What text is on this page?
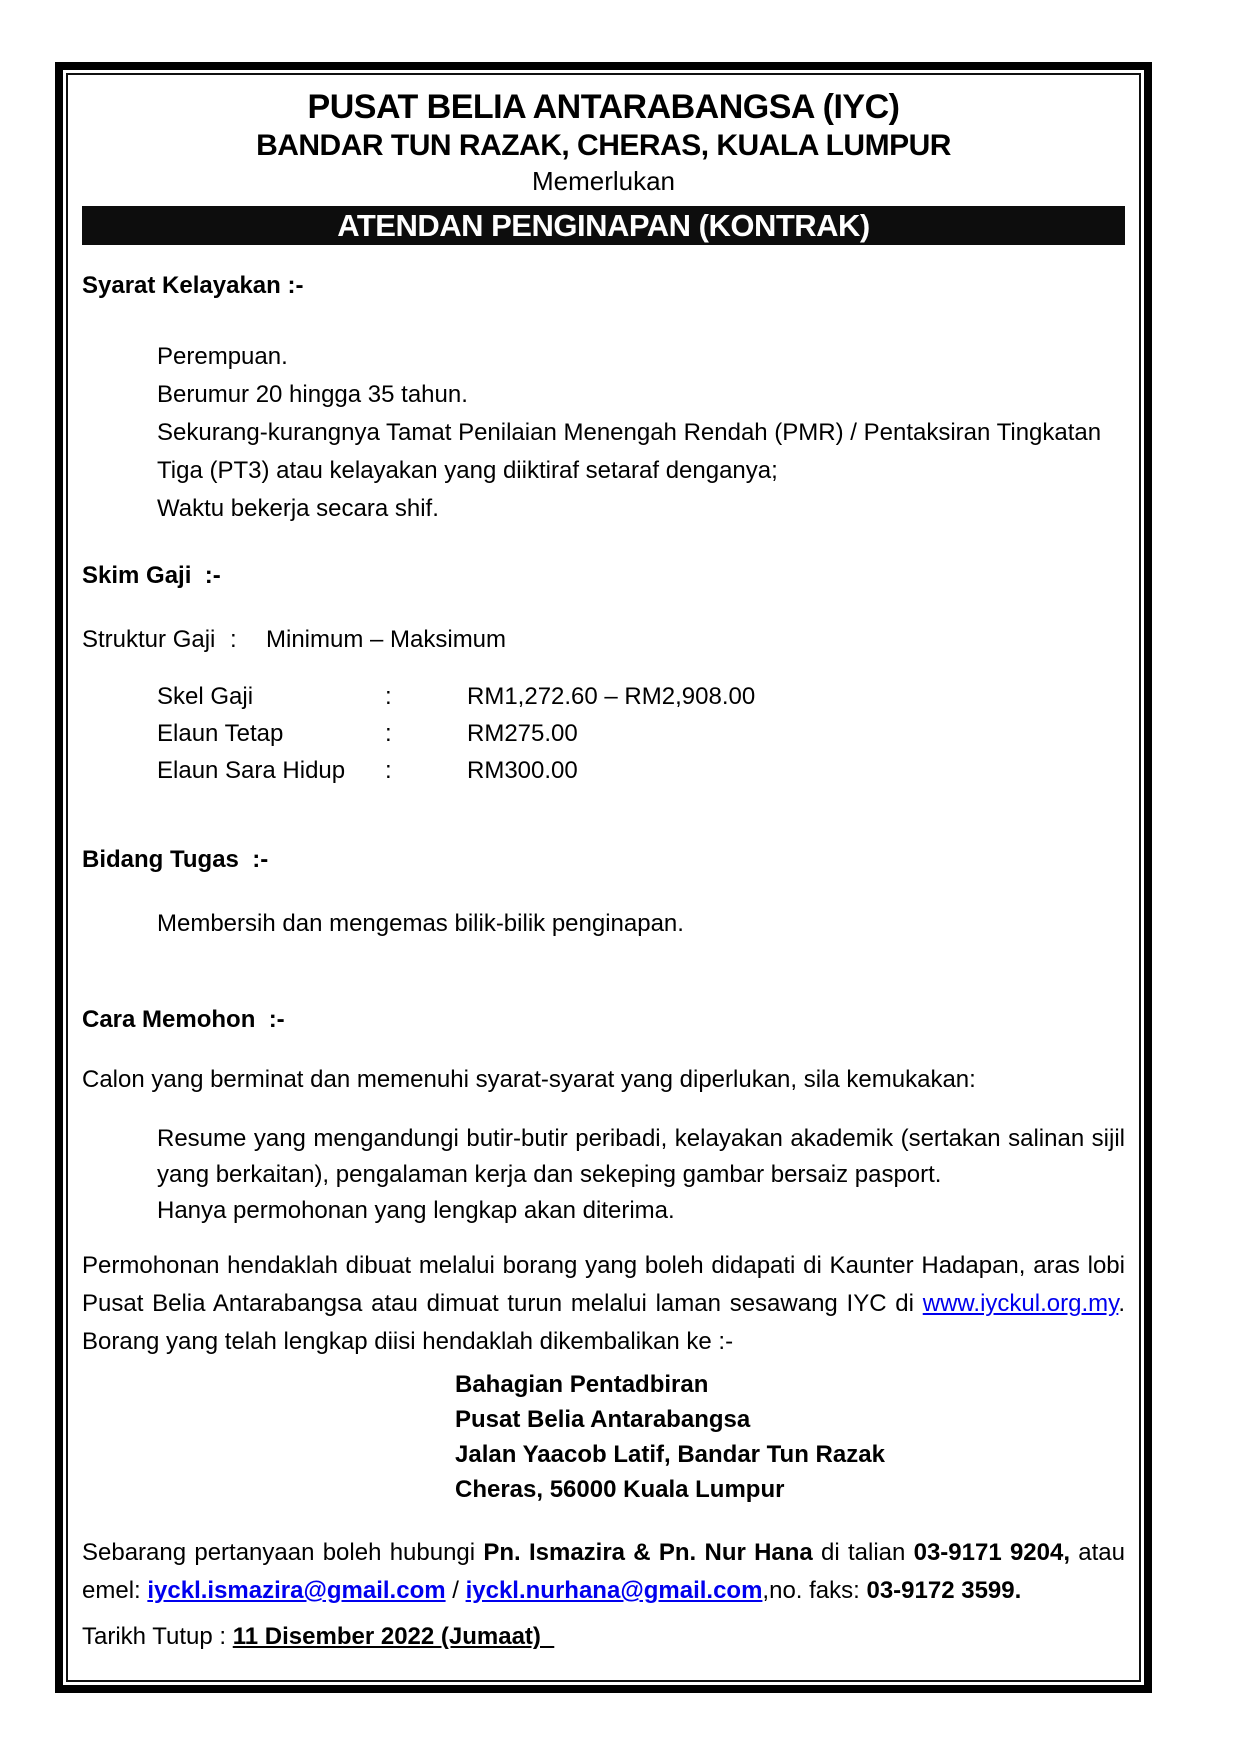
PUSAT BELIA ANTARABANGSA (IYC)
BANDAR TUN RAZAK, CHERAS, KUALA LUMPUR
Memerlukan
ATENDAN PENGINAPAN (KONTRAK)
Syarat Kelayakan :-
Perempuan.
Berumur 20 hingga 35 tahun.
Sekurang-kurangnya Tamat Penilaian Menengah Rendah (PMR) / Pentaksiran Tingkatan Tiga (PT3) atau kelayakan yang diiktiraf setaraf denganya;
Waktu bekerja secara shif.
Skim Gaji  :-
Struktur Gaji :	Minimum – Maksimum
Skel Gaji	:	RM1,272.60 – RM2,908.00
Elaun Tetap	:	RM275.00
Elaun Sara Hidup	:	RM300.00
Bidang Tugas  :-
Membersih dan mengemas bilik-bilik penginapan.
Cara Memohon  :-
Calon yang berminat dan memenuhi syarat-syarat yang diperlukan, sila kemukakan:
Resume yang mengandungi butir-butir peribadi, kelayakan akademik (sertakan salinan sijil yang berkaitan), pengalaman kerja dan sekeping gambar bersaiz pasport.
Hanya permohonan yang lengkap akan diterima.
Permohonan hendaklah dibuat melalui borang yang boleh didapati di Kaunter Hadapan, aras lobi Pusat Belia Antarabangsa atau dimuat turun melalui laman sesawang IYC di www.iyckul.org.my. Borang yang telah lengkap diisi hendaklah dikembalikan ke :-
Bahagian Pentadbiran
Pusat Belia Antarabangsa
Jalan Yaacob Latif, Bandar Tun Razak
Cheras, 56000 Kuala Lumpur
Sebarang pertanyaan boleh hubungi Pn. Ismazira & Pn. Nur Hana di talian 03-9171 9204, atau emel: iyckl.ismazira@gmail.com / iyckl.nurhana@gmail.com,no. faks: 03-9172 3599.
Tarikh Tutup : 11 Disember 2022 (Jumaat)
